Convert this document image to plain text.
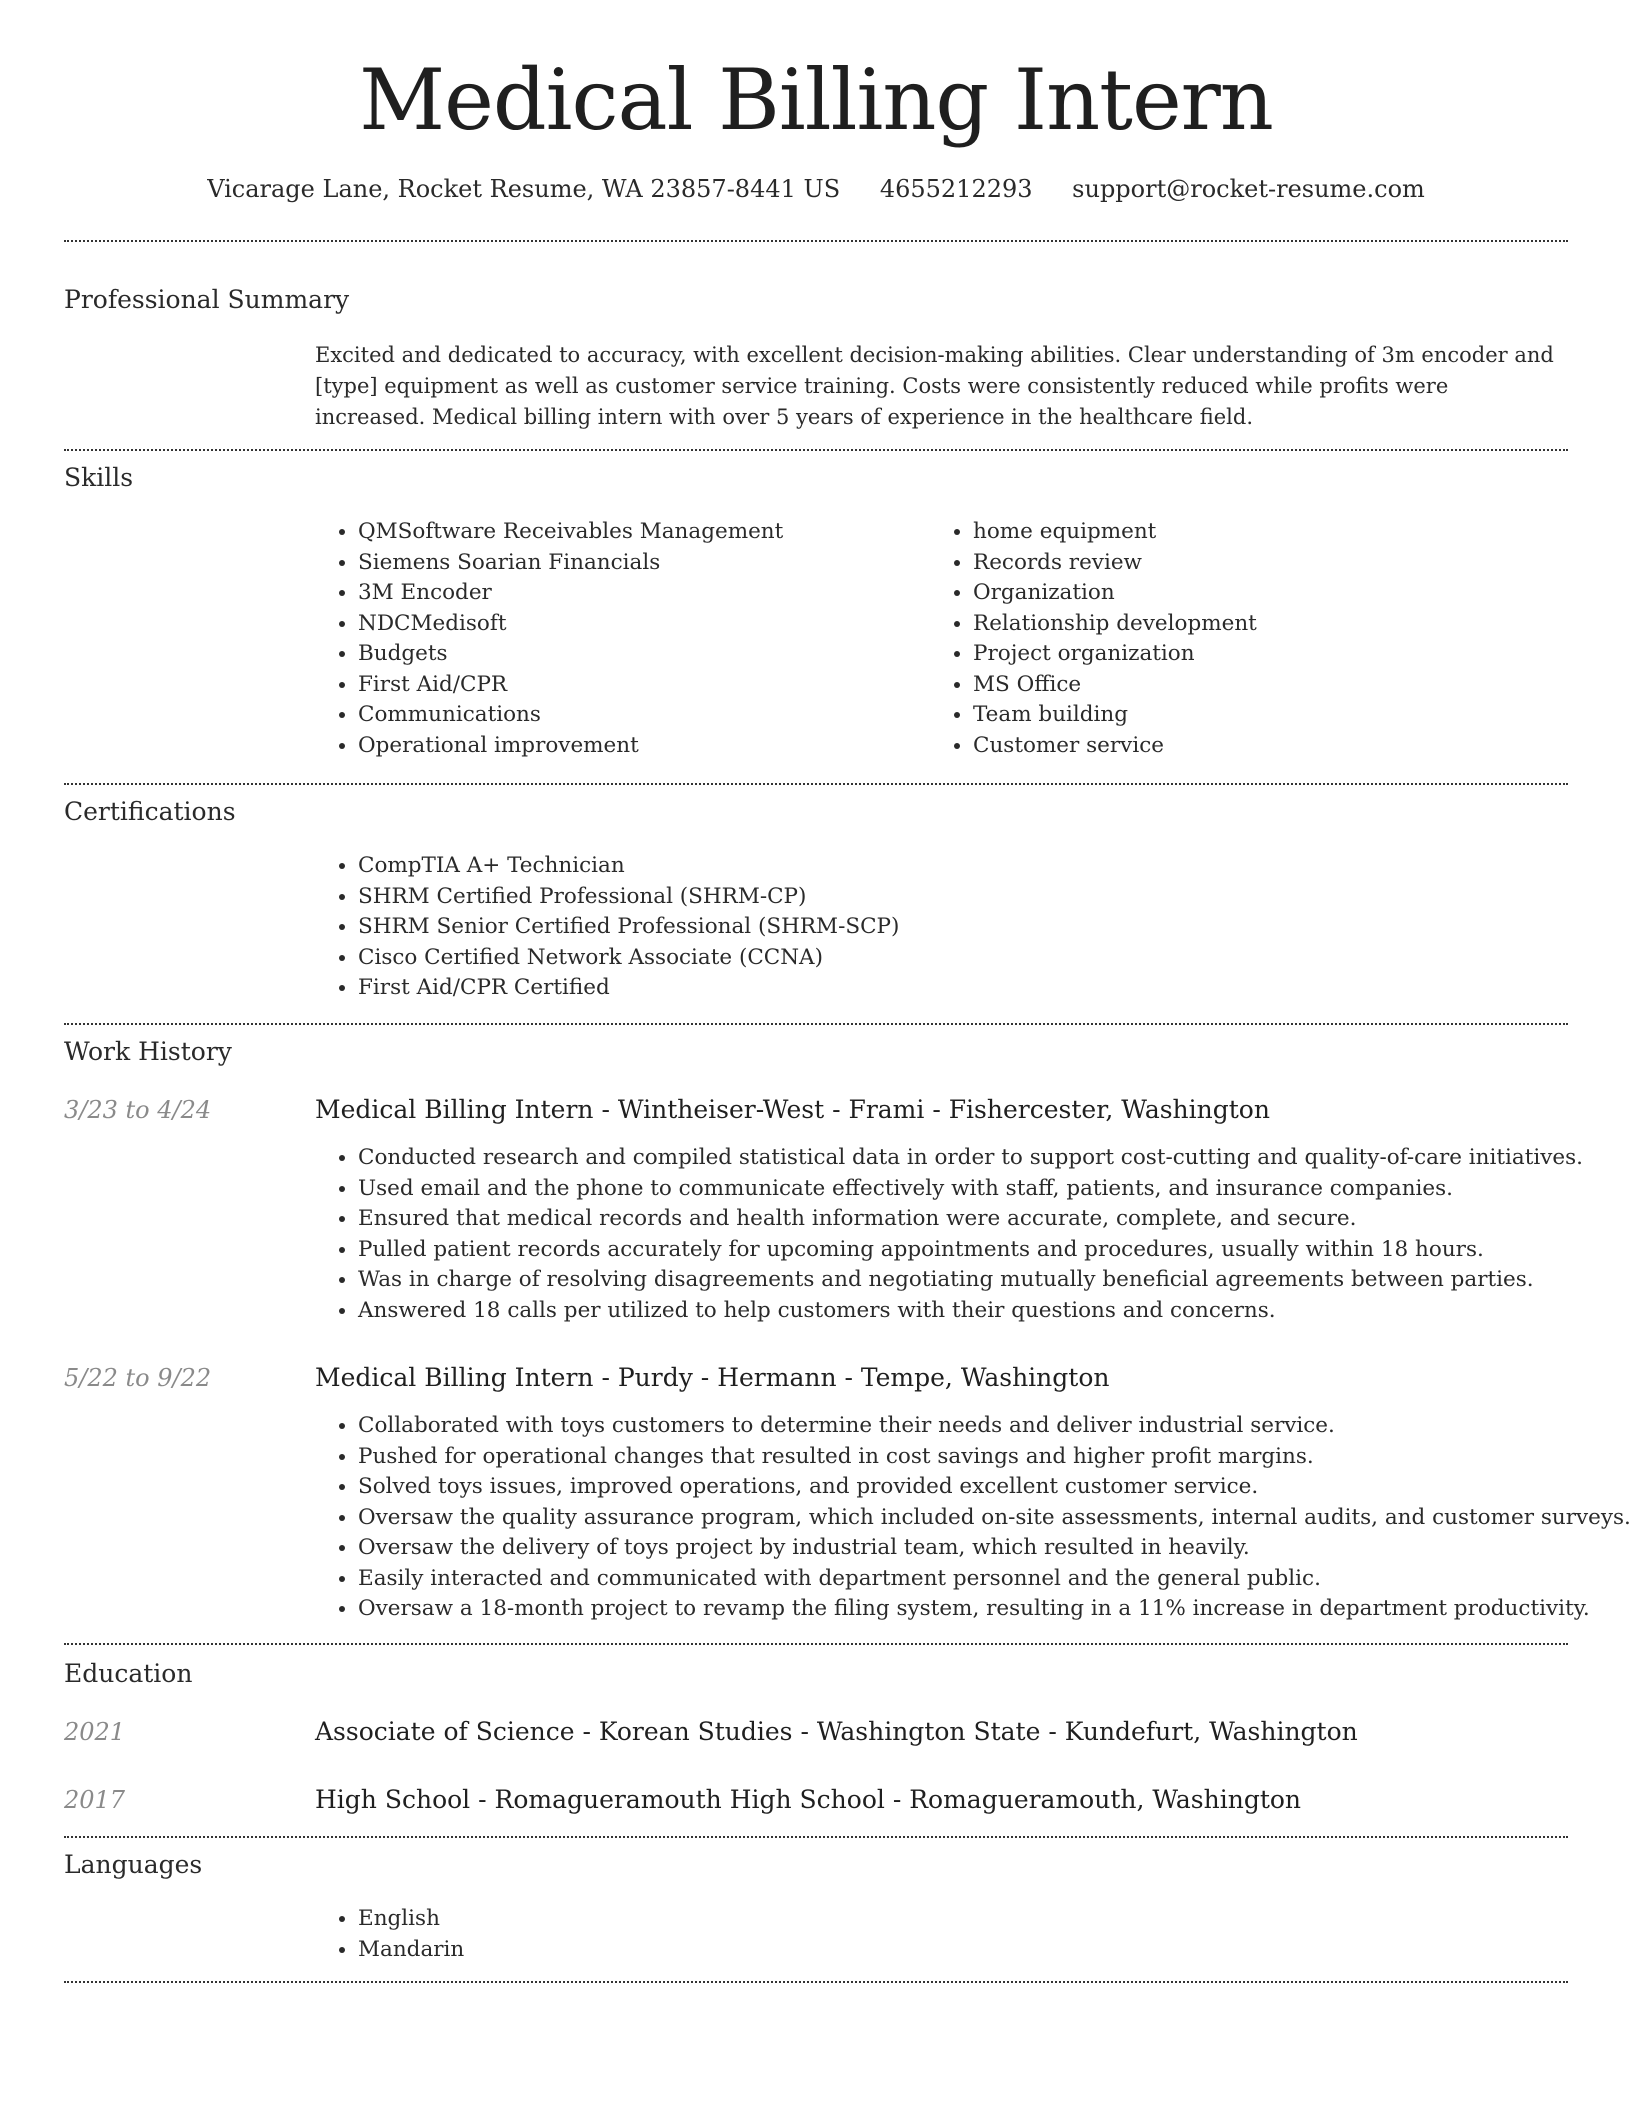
Medical Billing Intern
Vicarage Lane, Rocket Resume, WA 23857-8441 US 4655212293 support@rocket-resume.com
Professional Summary
Excited and dedicated to accuracy, with excellent decision-making abilities. Clear understanding of 3m encoder and [type] equipment as well as customer service training. Costs were consistently reduced while profits were increased. Medical billing intern with over 5 years of experience in the healthcare field.
Skills
• QMSoftware Receivables Management
• Siemens Soarian Financials
• 3M Encoder
• NDCMedisoft
• Budgets
• First Aid/CPR
• Communications
• Operational improvement
• home equipment
• Records review
• Organization
• Relationship development
• Project organization
• MS Office
• Team building
• Customer service
Certifications
• CompTIA A+ Technician
• SHRM Certified Professional (SHRM-CP)
• SHRM Senior Certified Professional (SHRM-SCP)
• Cisco Certified Network Associate (CCNA)
• First Aid/CPR Certified
Work History
3/23 to 4/24	Medical Billing Intern - Wintheiser-West - Frami - Fishercester, Washington
• Conducted research and compiled statistical data in order to support cost-cutting and quality-of-care initiatives.
• Used email and the phone to communicate effectively with staff, patients, and insurance companies.
• Ensured that medical records and health information were accurate, complete, and secure.
• Pulled patient records accurately for upcoming appointments and procedures, usually within 18 hours.
• Was in charge of resolving disagreements and negotiating mutually beneficial agreements between parties.
• Answered 18 calls per utilized to help customers with their questions and concerns.
5/22 to 9/22	Medical Billing Intern - Purdy - Hermann - Tempe, Washington
• Collaborated with toys customers to determine their needs and deliver industrial service.
• Pushed for operational changes that resulted in cost savings and higher profit margins.
• Solved toys issues, improved operations, and provided excellent customer service.
• Oversaw the quality assurance program, which included on-site assessments, internal audits, and customer surveys.
• Oversaw the delivery of toys project by industrial team, which resulted in heavily.
• Easily interacted and communicated with department personnel and the general public.
• Oversaw a 18-month project to revamp the filing system, resulting in a 11% increase in department productivity.
Education
2021	Associate of Science - Korean Studies - Washington State - Kundefurt, Washington
2017	High School - Romagueramouth High School - Romagueramouth, Washington
Languages
• English
• Mandarin
